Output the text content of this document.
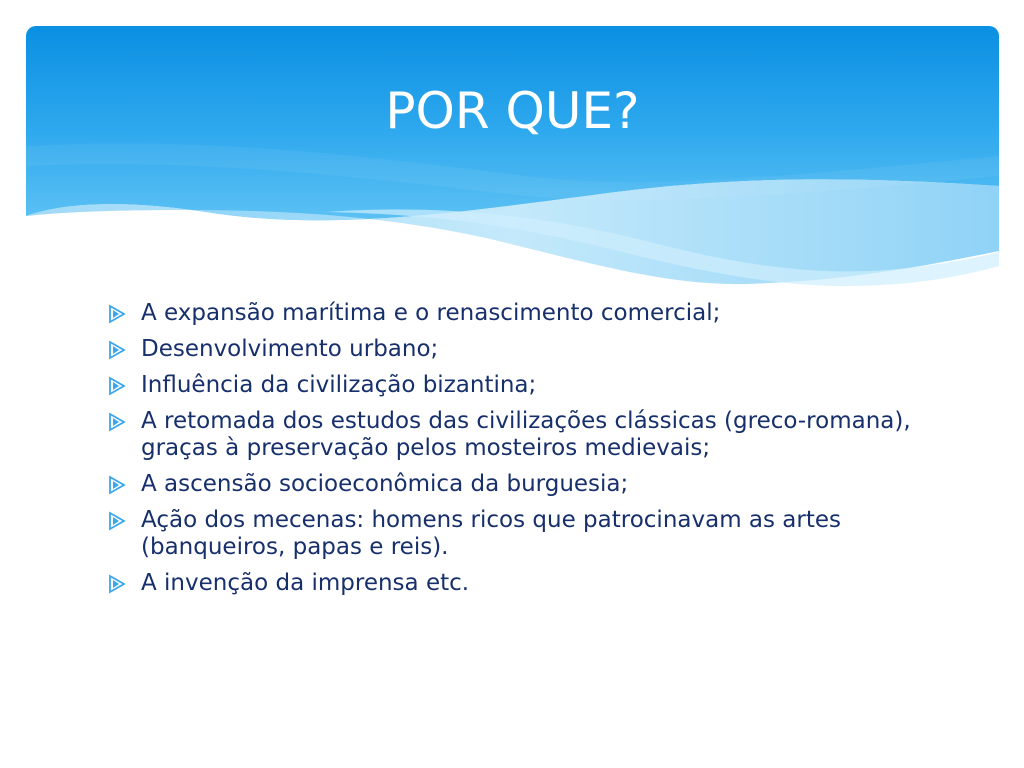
POR QUE?
A expansão marítima e o renascimento comercial;
Desenvolvimento urbano;
Influência da civilização bizantina;
A retomada dos estudos das civilizações clássicas (greco-romana), graças à preservação pelos mosteiros medievais;
A ascensão socioeconômica da burguesia;
Ação dos mecenas: homens ricos que patrocinavam as artes (banqueiros, papas e reis).
A invenção da imprensa etc.
